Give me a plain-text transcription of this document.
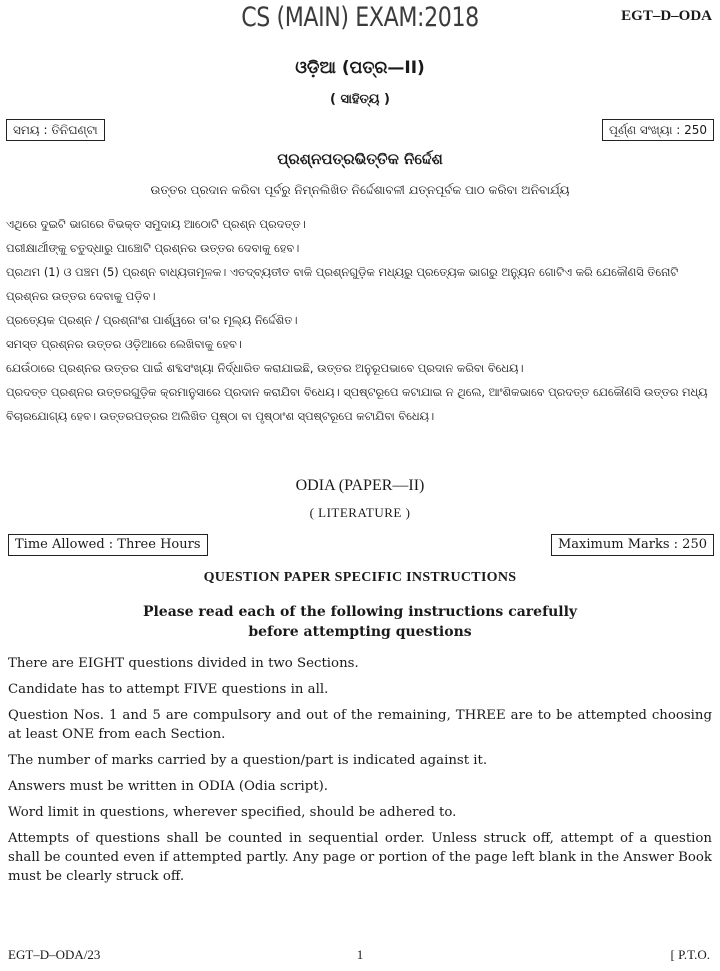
CS (MAIN) EXAM:2018	EGT–D–ODA
ଓଡ଼ିଆ (ପତ୍ର—II)
( ସାହିତ୍ୟ )
ସମୟ : ତିନିଘଣ୍ଟା	ପୂର୍ଣ୍ଣ ସଂଖ୍ୟା : 250
ପ୍ରଶ୍ନପତ୍ରଭିତ୍ତିକ ନିର୍ଦ୍ଦେଶ
ଉତ୍ତର ପ୍ରଦାନ କରିବା ପୂର୍ବରୁ ନିମ୍ନଲିଖିତ ନିର୍ଦ୍ଦେଶାବଳୀ ଯତ୍ନପୂର୍ବକ ପାଠ କରିବା ଅନିବାର୍ଯ୍ୟ
ଏଥିରେ ଦୁଇଟି ଭାଗରେ ବିଭକ୍ତ ସମୁଦାୟ ଆଠୋଟି ପ୍ରଶ୍ନ ପ୍ରଦତ୍ତ।
ପରୀକ୍ଷାର୍ଥୀଙ୍କୁ ଚତୁଦ୍ଧାରୁ ପାଞ୍ଚୋଟି ପ୍ରଶ୍ନର ଉତ୍ତର ଦେବାକୁ ହେବ।
ପ୍ରଥମ (1) ଓ ପଞ୍ଚମ (5) ପ୍ରଶ୍ନ ବାଧ୍ୟତାମୂଳକ। ଏତଦ୍‌ବ୍ୟତୀତ ବାକି ପ୍ରଶ୍ନଗୁଡ଼ିକ ମଧ୍ୟରୁ ପ୍ରତ୍ୟେକ ଭାଗରୁ ଅନ୍ୟୁନ ଗୋଟିଏ କରି ଯେକୌଣସି ତିନୋଟି ପ୍ରଶ୍ନର ଉତ୍ତର ଦେବାକୁ ପଡ଼ିବ।
ପ୍ରତ୍ୟେକ ପ୍ରଶ୍ନ / ପ୍ରଶ୍ନାଂଶ ପାର୍ଶ୍ୱରେ ତା'ର ମୂଲ୍ୟ ନିର୍ଦ୍ଦେଶିତ।
ସମସ୍ତ ପ୍ରଶ୍ନର ଉତ୍ତର ଓଡ଼ିଆରେ ଲେଖିବାକୁ ହେବ।
ଯେଉଁଠାରେ ପ୍ରଶ୍ନର ଉତ୍ତର ପାଇଁ ଶବ୍ଦସଂଖ୍ୟା ନିର୍ଦ୍ଧାରିତ କରାଯାଇଛି, ଉତ୍ତର ଅନୁରୂପଭାବେ ପ୍ରଦାନ କରିବା ବିଧେୟ।
ପ୍ରଦତ୍ତ ପ୍ରଶ୍ନର ଉତ୍ତରଗୁଡ଼ିକ କ୍ରମାନୁସାରେ ପ୍ରଦାନ କରାଯିବା ବିଧେୟ। ସ୍ପଷ୍ଟରୂପେ କଟାଯାଇ ନ ଥିଲେ, ଆଂଶିକଭାବେ ପ୍ରଦତ୍ତ ଯେକୌଣସି ଉତ୍ତର ମଧ୍ୟ ବିଚାରଯୋଗ୍ୟ ହେବ। ଉତ୍ତରପତ୍ରର ଅଲିଖିତ ପୃଷ୍ଠା ବା ପୃଷ୍ଠାଂଶ ସ୍ପଷ୍ଟରୂପେ କଟାଯିବା ବିଧେୟ।
ODIA (PAPER—II)
( LITERATURE )
Time Allowed : Three Hours	Maximum Marks : 250
QUESTION PAPER SPECIFIC INSTRUCTIONS
Please read each of the following instructions carefully
before attempting questions
There are EIGHT questions divided in two Sections.
Candidate has to attempt FIVE questions in all.
Question Nos. 1 and 5 are compulsory and out of the remaining, THREE are to be attempted choosing at least ONE from each Section.
The number of marks carried by a question/part is indicated against it.
Answers must be written in ODIA (Odia script).
Word limit in questions, wherever specified, should be adhered to.
Attempts of questions shall be counted in sequential order. Unless struck off, attempt of a question shall be counted even if attempted partly. Any page or portion of the page left blank in the Answer Book must be clearly struck off.
EGT–D–ODA/23	1	[ P.T.O.
